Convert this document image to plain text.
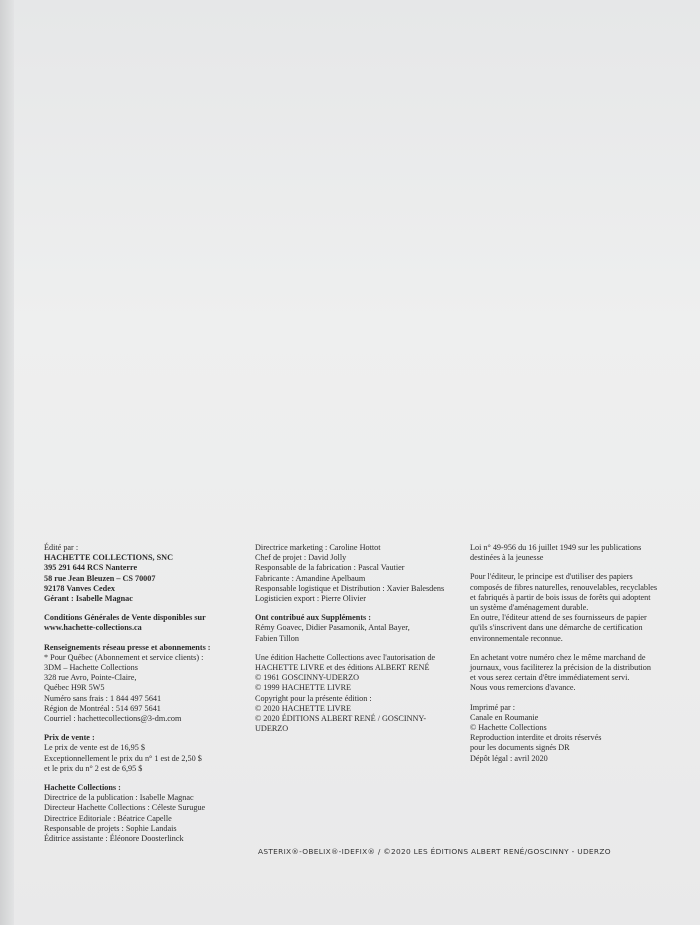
Édité par :
HACHETTE COLLECTIONS, SNC
395 291 644 RCS Nanterre
58 rue Jean Bleuzen – CS 70007
92178 Vanves Cedex
Gérant : Isabelle Magnac
Conditions Générales de Vente disponibles sur
www.hachette-collections.ca
Renseignements réseau presse et abonnements :
* Pour Québec (Abonnement et service clients) :
3DM – Hachette Collections
328 rue Avro, Pointe-Claire,
Québec H9R 5W5
Numéro sans frais : 1 844 497 5641
Région de Montréal : 514 697 5641
Courriel : hachettecollections@3-dm.com
Prix de vente :
Le prix de vente est de 16,95 $
Exceptionnellement le prix du n° 1 est de 2,50 $
et le prix du n° 2 est de 6,95 $
Hachette Collections :
Directrice de la publication : Isabelle Magnac
Directeur Hachette Collections : Céleste Surugue
Directrice Editoriale : Béatrice Capelle
Responsable de projets : Sophie Landais
Éditrice assistante : Éléonore Doosterlinck
Directrice marketing : Caroline Hottot
Chef de projet : David Jolly
Responsable de la fabrication : Pascal Vautier
Fabricante : Amandine Apelbaum
Responsable logistique et Distribution : Xavier Balesdens
Logisticien export : Pierre Olivier
Ont contribué aux Suppléments :
Rémy Goavec, Didier Pasamonik, Antal Bayer,
Fabien Tillon
Une édition Hachette Collections avec l'autorisation de
HACHETTE LIVRE et des éditions ALBERT RENÉ
© 1961 GOSCINNY-UDERZO
© 1999 HACHETTE LIVRE
Copyright pour la présente édition :
© 2020 HACHETTE LIVRE
© 2020 ÉDITIONS ALBERT RENÉ / GOSCINNY-
UDERZO
Loi n° 49-956 du 16 juillet 1949 sur les publications
destinées à la jeunesse
Pour l'éditeur, le principe est d'utiliser des papiers
composés de fibres naturelles, renouvelables, recyclables
et fabriqués à partir de bois issus de forêts qui adoptent
un système d'aménagement durable.
En outre, l'éditeur attend de ses fournisseurs de papier
qu'ils s'inscrivent dans une démarche de certification
environnementale reconnue.
En achetant votre numéro chez le même marchand de
journaux, vous faciliterez la précision de la distribution
et vous serez certain d'être immédiatement servi.
Nous vous remercions d'avance.
Imprimé par :
Canale en Roumanie
© Hachette Collections
Reproduction interdite et droits réservés
pour les documents signés DR
Dépôt légal : avril 2020
ASTERIX®-OBELIX®-IDEFIX® / ©2020 LES ÉDITIONS ALBERT RENÉ/GOSCINNY - UDERZO
